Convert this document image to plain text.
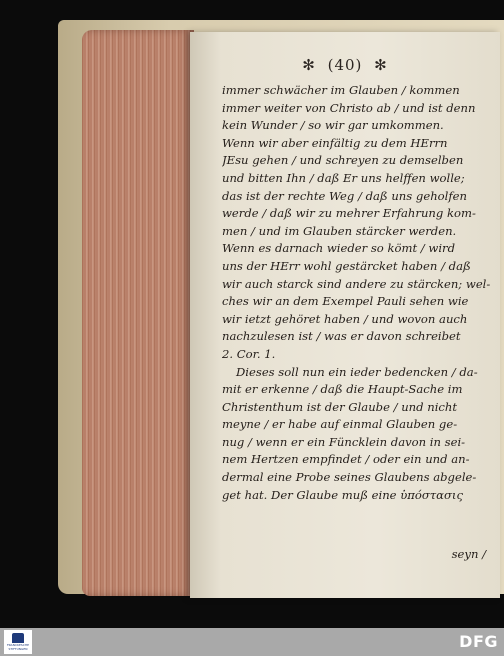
✻ (40) ✻
immer schwächer im Glauben / kommen
immer weiter von Christo ab / und ist denn
kein Wunder / so wir gar umkommen.
Wenn wir aber einfältig zu dem HErrn
JEsu gehen / und schreyen zu demselben
und bitten Ihn / daß Er uns helffen wolle;
das ist der rechte Weg / daß uns geholfen
werde / daß wir zu mehrer Erfahrung kom-
men / und im Glauben stärcker werden.
Wenn es darnach wieder so kömt / wird
uns der HErr wohl gestärcket haben / daß
wir auch starck sind andere zu stärcken; wel-
ches wir an dem Exempel Pauli sehen wie
wir ietzt gehöret haben / und wovon auch
nachzulesen ist / was er davon schreibet
2. Cor. 1.
Dieses soll nun ein ieder bedencken / da-
mit er erkenne / daß die Haupt-Sache im
Christenthum ist der Glaube / und nicht
meyne / er habe auf einmal Glauben ge-
nug / wenn er ein Füncklein davon in sei-
nem Hertzen empfindet / oder ein und an-
dermal eine Probe seines Glaubens abgele-
get hat. Der Glaube muß eine ὑπόστασις
seyn /
FRANCKESCHE STIFTUNGEN	DFG
